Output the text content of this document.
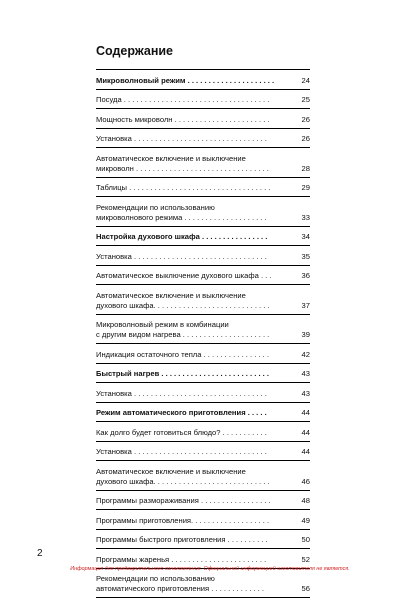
Содержание
Микроволновый режим . . . . . . . . . . . . . . . . . . . . .	24
Посуда . . . . . . . . . . . . . . . . . . . . . . . . . . . . . . . . . . .	25
Мощность микроволн . . . . . . . . . . . . . . . . . . . . . . .	26
Установка . . . . . . . . . . . . . . . . . . . . . . . . . . . . . . . .	26
Автоматическое включение и выключение
микроволн . . . . . . . . . . . . . . . . . . . . . . . . . . . . . . . .	28
Таблицы . . . . . . . . . . . . . . . . . . . . . . . . . . . . . . . . . .	29
Рекомендации по использованию
микроволнового режима . . . . . . . . . . . . . . . . . . . .	33
Настройка духового шкафа . . . . . . . . . . . . . . . .	34
Установка . . . . . . . . . . . . . . . . . . . . . . . . . . . . . . . .	35
Автоматическое выключение духового шкафа . . .	36
Автоматическое включение и выключение
духового шкафа. . . . . . . . . . . . . . . . . . . . . . . . . . . .	37
Микроволновый режим в комбинации
с другим видом нагрева . . . . . . . . . . . . . . . . . . . . .	39
Индикация остаточного тепла . . . . . . . . . . . . . . . .	42
Быстрый нагрев . . . . . . . . . . . . . . . . . . . . . . . . . .	43
Установка . . . . . . . . . . . . . . . . . . . . . . . . . . . . . . . .	43
Режим автоматического приготовления . . . . .	44
Как долго будет готовиться блюдо? . . . . . . . . . . .	44
Установка . . . . . . . . . . . . . . . . . . . . . . . . . . . . . . . .	44
Автоматическое включение и выключение
духового шкафа. . . . . . . . . . . . . . . . . . . . . . . . . . . .	46
Программы размораживания . . . . . . . . . . . . . . . . .	48
Программы приготовления. . . . . . . . . . . . . . . . . . .	49
Программы быстрого приготовления . . . . . . . . . .	50
Программы жаренья . . . . . . . . . . . . . . . . . . . . . . .	52
Рекомендации по использованию
автоматического приготовления . . . . . . . . . . . . .	56
2
Информация для предварительного ознакомления. Официальной информацией изготовителя не является.
